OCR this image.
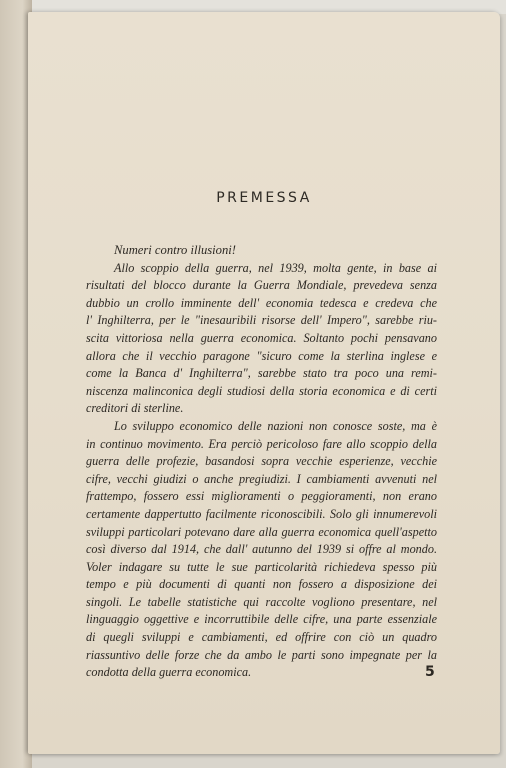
PREMESSA
Numeri contro illusioni!
Allo scoppio della guerra, nel 1939, molta gente, in base ai
risultati del blocco durante la Guerra Mondiale, prevedeva senza
dubbio un crollo imminente dell' economia tedesca e credeva che
l' Inghilterra, per le "inesauribili risorse dell' Impero", sarebbe riu-
scita vittoriosa nella guerra economica. Soltanto pochi pensavano
allora che il vecchio paragone "sicuro come la sterlina inglese e
come la Banca d' Inghilterra", sarebbe stato tra poco una remi-
niscenza malinconica degli studiosi della storia economica e di certi
creditori di sterline.
Lo sviluppo economico delle nazioni non conosce soste, ma è
in continuo movimento. Era perciò pericoloso fare allo scoppio della
guerra delle profezie, basandosi sopra vecchie esperienze, vecchie
cifre, vecchi giudizi o anche pregiudizi. I cambiamenti avvenuti nel
frattempo, fossero essi miglioramenti o peggioramenti, non erano
certamente dappertutto facilmente riconoscibili. Solo gli innumerevoli
sviluppi particolari potevano dare alla guerra economica quell'aspetto
così diverso dal 1914, che dall' autunno del 1939 si offre al mondo.
Voler indagare su tutte le sue particolarità richiedeva spesso più
tempo e più documenti di quanti non fossero a disposizione dei
singoli. Le tabelle statistiche qui raccolte vogliono presentare, nel
linguaggio oggettive e incorruttibile delle cifre, una parte essenziale
di quegli sviluppi e cambiamenti, ed offrire con ciò un quadro
riassuntivo delle forze che da ambo le parti sono impegnate per la
condotta della guerra economica.	5
